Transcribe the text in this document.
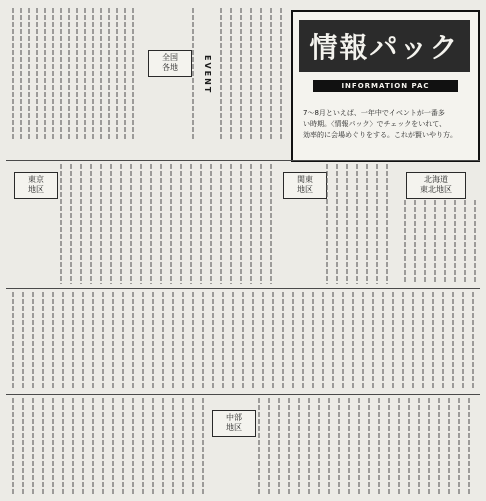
全国
各地	EVENT
情報パック
INFORMATION PAC
7～8月といえば、一年中でイベントが一番多
い時期。〈情報パック〉でチェックをいれて、
効率的に会場めぐりをする。これが賢いやり方。
東京
地区
関東
地区
北海道
東北地区
中部
地区
